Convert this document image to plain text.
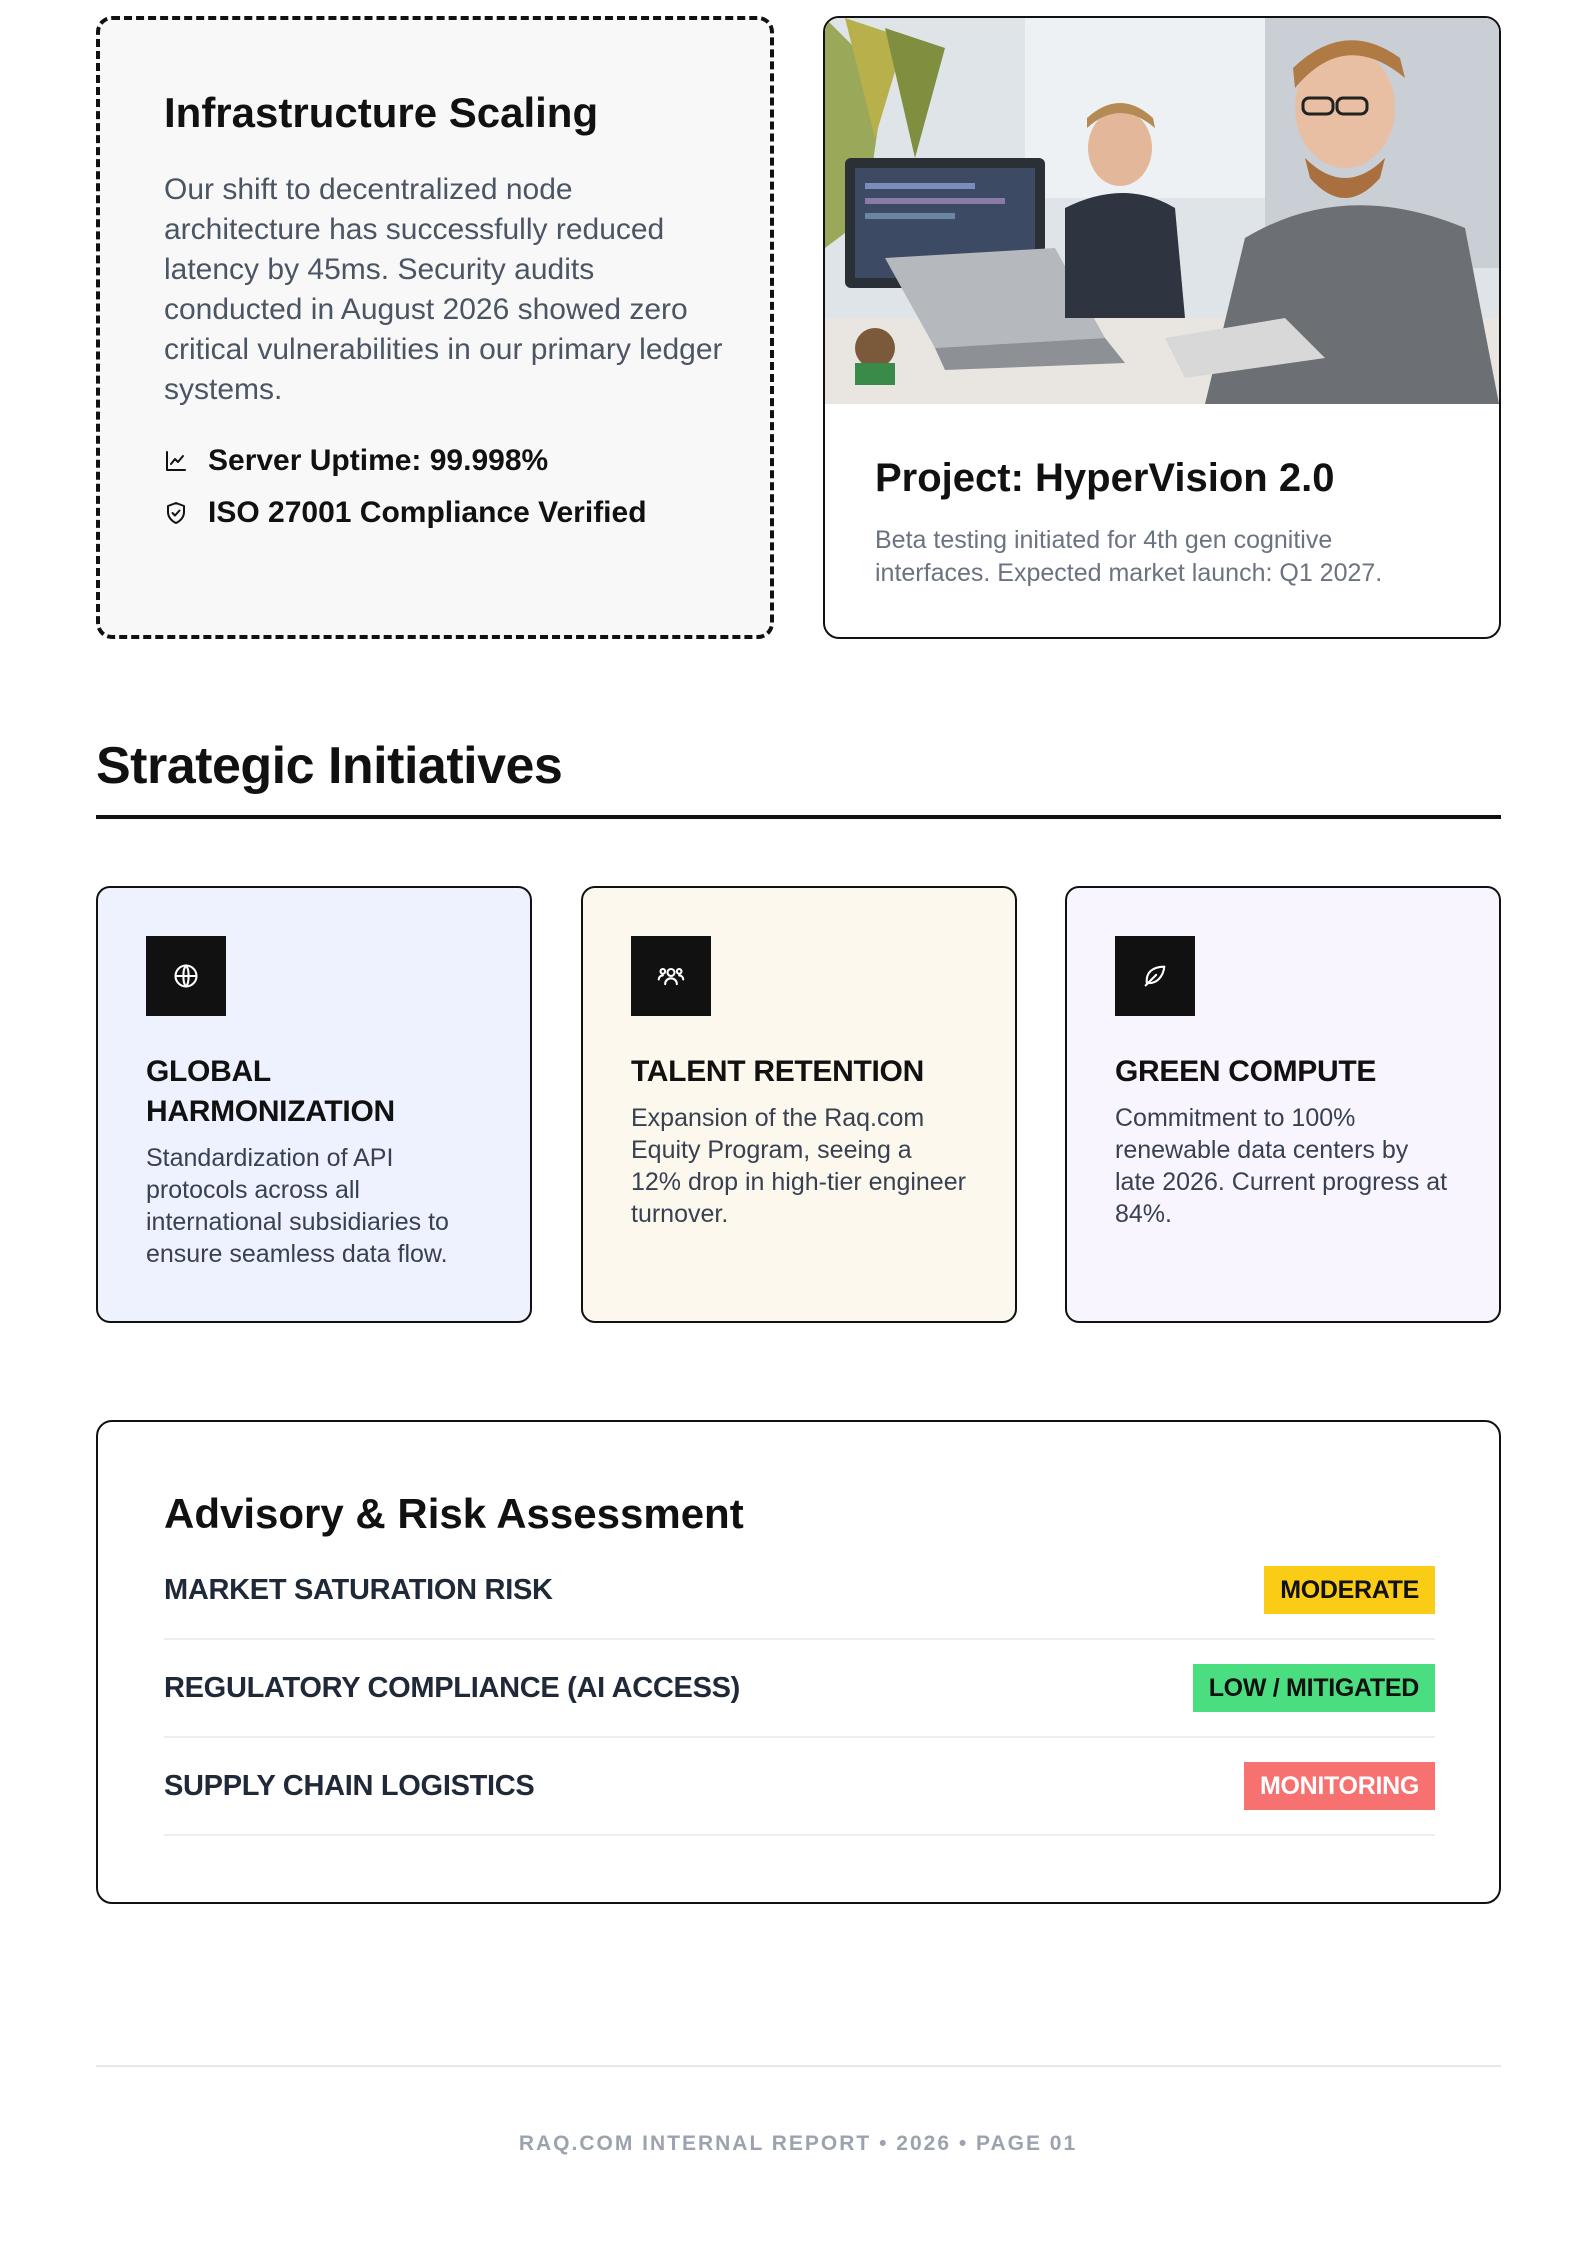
Infrastructure Scaling

Our shift to decentralized node architecture has successfully reduced latency by 45ms. Security audits conducted in August 2026 showed zero critical vulnerabilities in our primary ledger systems.

Server Uptime: 99.998%
ISO 27001 Compliance Verified
Project: HyperVision 2.0

Beta testing initiated for 4th gen cognitive interfaces. Expected market launch: Q1 2027.

Strategic Initiatives
GLOBAL HARMONIZATION
Standardization of API protocols across all international subsidiaries to ensure seamless data flow.
TALENT RETENTION
Expansion of the Raq.com Equity Program, seeing a 12% drop in high-tier engineer turnover.
GREEN COMPUTE
Commitment to 100% renewable data centers by late 2026. Current progress at 84%.
Advisory & Risk Assessment
MARKET SATURATION RISK	MODERATE
REGULATORY COMPLIANCE (AI ACCESS)	LOW / MITIGATED
SUPPLY CHAIN LOGISTICS	MONITORING
RAQ.COM INTERNAL REPORT • 2026 • PAGE 01
